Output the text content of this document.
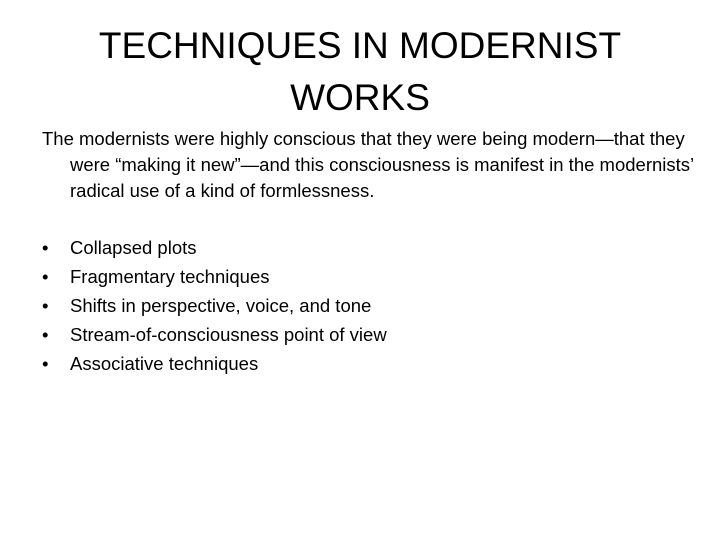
TECHNIQUES IN MODERNIST WORKS

The modernists were highly conscious that they were being modern—that they were “making it new”—and this consciousness is manifest in the modernists’ radical use of a kind of formlessness.

•	Collapsed plots
•	Fragmentary techniques
•	Shifts in perspective, voice, and tone
•	Stream-of-consciousness point of view
•	Associative techniques
